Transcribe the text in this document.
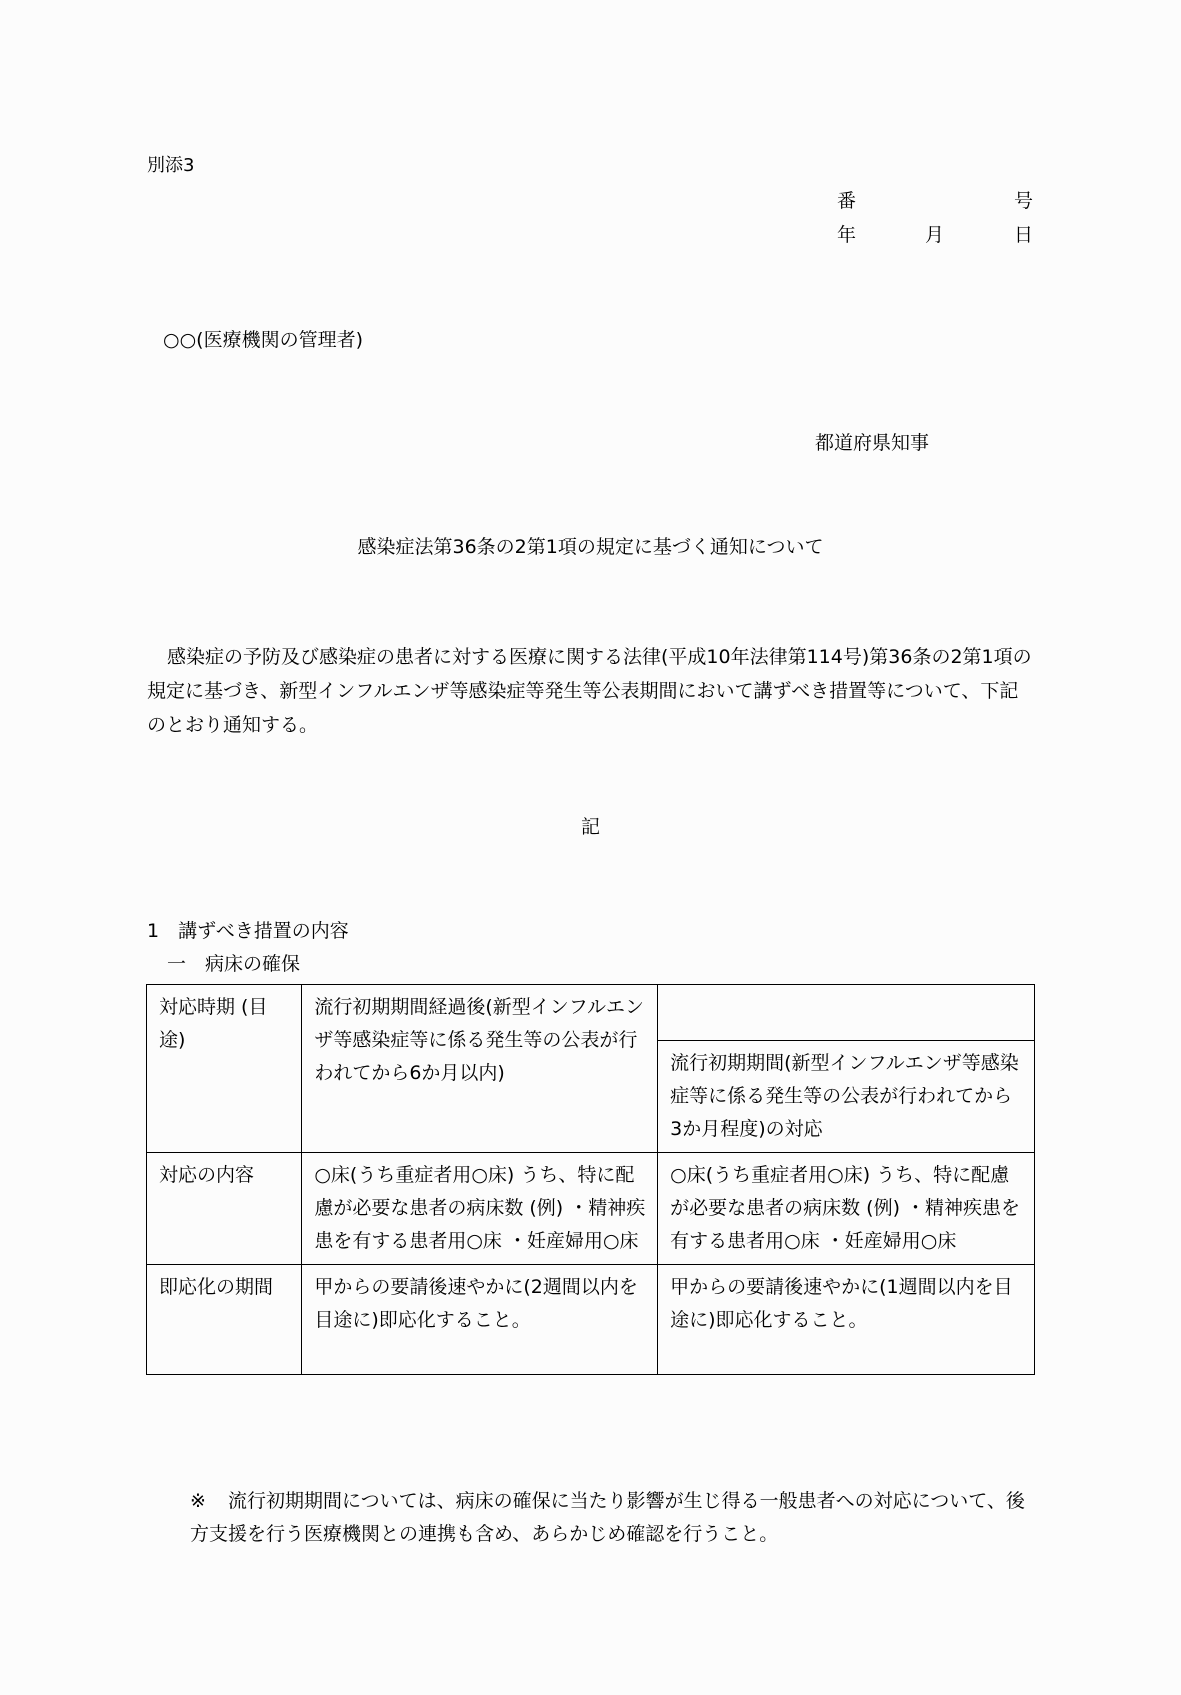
別添3
番	号
年	月	日
○○(医療機関の管理者)
都道府県知事
感染症法第36条の2第1項の規定に基づく通知について
感染症の予防及び感染症の患者に対する医療に関する法律(平成10年法律第114号)第36条の2第1項の規定に基づき、新型インフルエンザ等感染症等発生等公表期間において講ずべき措置等について、下記のとおり通知する。
記
1　講ずべき措置の内容
一　病床の確保
対応時期 (目途)	流行初期期間経過後(新型インフルエンザ等感染症等に係る発生等の公表が行われてから6か月以内)	
		流行初期期間(新型インフルエンザ等感染症等に係る発生等の公表が行われてから3か月程度)の対応
対応の内容	○床(うち重症者用○床) うち、特に配慮が必要な患者の病床数 (例) ・精神疾患を有する患者用○床 ・妊産婦用○床	○床(うち重症者用○床) うち、特に配慮が必要な患者の病床数 (例) ・精神疾患を有する患者用○床 ・妊産婦用○床
即応化の期間	甲からの要請後速やかに(2週間以内を目途に)即応化すること。	甲からの要請後速やかに(1週間以内を目途に)即応化すること。
※ 流行初期期間については、病床の確保に当たり影響が生じ得る一般患者への対応について、後方支援を行う医療機関との連携も含め、あらかじめ確認を行うこと。
